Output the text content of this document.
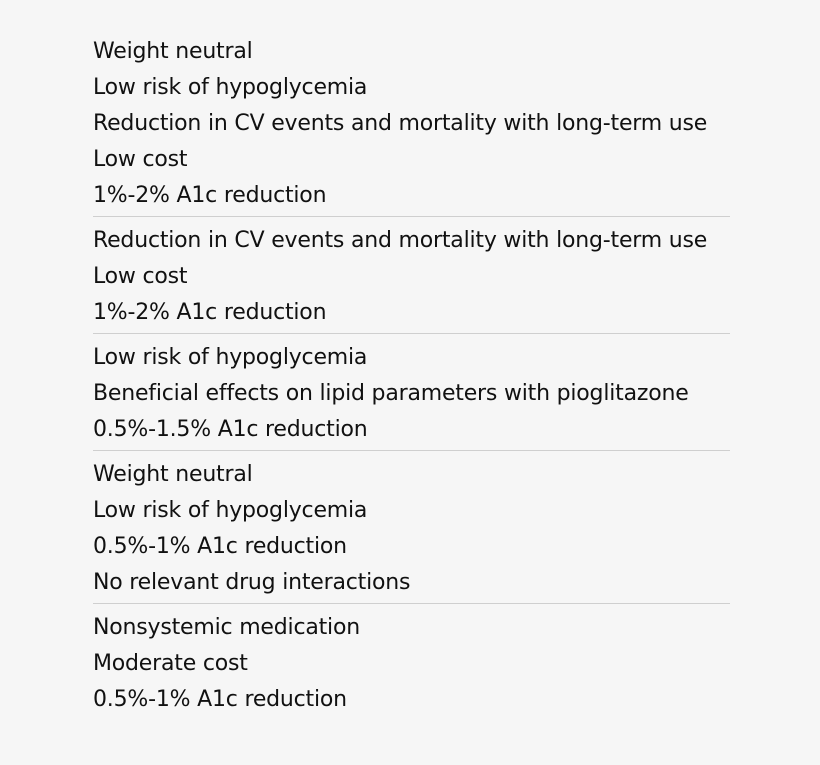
Weight neutral
Low risk of hypoglycemia
Reduction in CV events and mortality with long-term use
Low cost
1%-2% A1c reduction
Reduction in CV events and mortality with long-term use
Low cost
1%-2% A1c reduction
Low risk of hypoglycemia
Beneficial effects on lipid parameters with pioglitazone
0.5%-1.5% A1c reduction
Weight neutral
Low risk of hypoglycemia
0.5%-1% A1c reduction
No relevant drug interactions
Nonsystemic medication
Moderate cost
0.5%-1% A1c reduction
